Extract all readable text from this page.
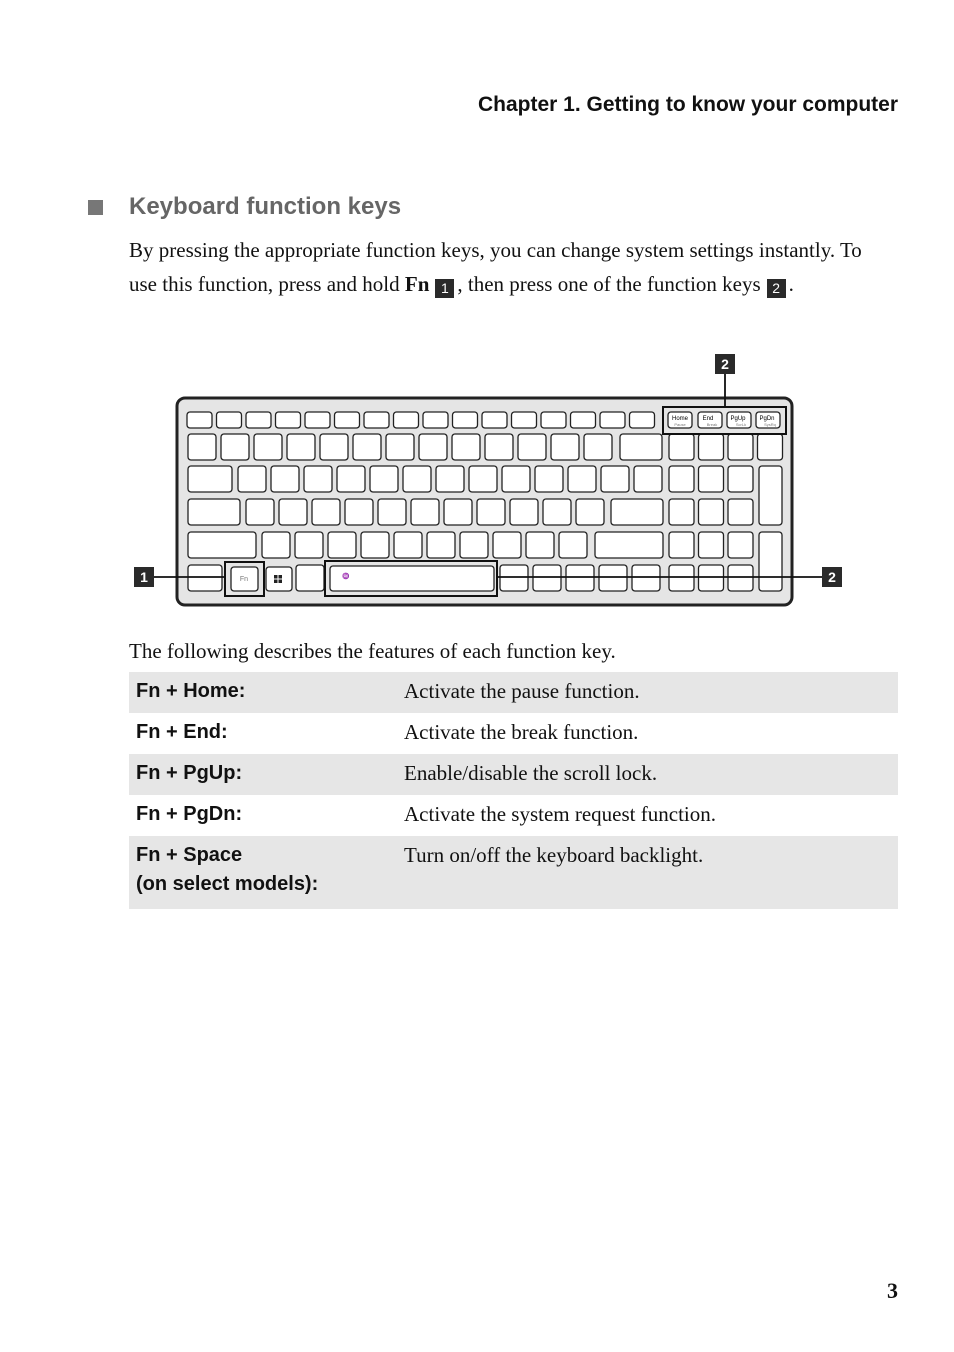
Chapter 1. Getting to know your computer
Keyboard function keys
By pressing the appropriate function keys, you can change system settings instantly. To use this function, press and hold Fn 1 , then press one of the function keys 2 .
Home
Pause
End
Break
PgUp
ScrLk
PgDn
SysRq
Fn	♒
2
1	2
The following describes the features of each function key.
Fn + Home:	Activate the pause function.
Fn + End:	Activate the break function.
Fn + PgUp:	Enable/disable the scroll lock.
Fn + PgDn:	Activate the system request function.
Fn + Space
(on select models):	Turn on/off the keyboard backlight.
3
